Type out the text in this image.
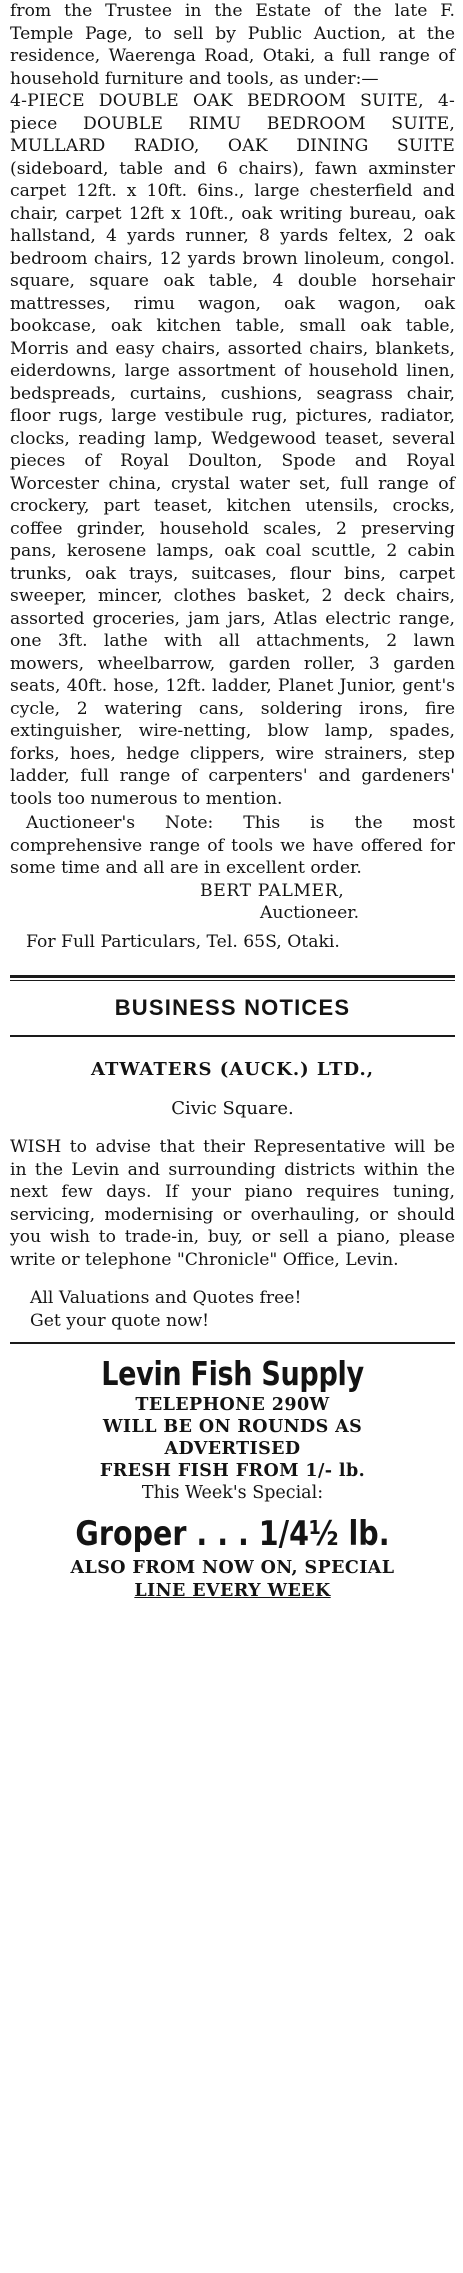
from the Trustee in the Estate of the late F. Temple Page, to sell by Public Auction, at the residence, Waerenga Road, Otaki, a full range of household furniture and tools, as under:—

4-PIECE DOUBLE OAK BEDROOM SUITE, 4-piece DOUBLE RIMU BEDROOM SUITE, MULLARD RADIO, OAK DINING SUITE (sideboard, table and 6 chairs), fawn axminster carpet 12ft. x 10ft. 6ins., large chesterfield and chair, carpet 12ft x 10ft., oak writing bureau, oak hallstand, 4 yards runner, 8 yards feltex, 2 oak bedroom chairs, 12 yards brown linoleum, congol. square, square oak table, 4 double horsehair mattresses, rimu wagon, oak wagon, oak bookcase, oak kitchen table, small oak table, Morris and easy chairs, assorted chairs, blankets, eiderdowns, large assortment of household linen, bedspreads, curtains, cushions, seagrass chair, floor rugs, large vestibule rug, pictures, radiator, clocks, reading lamp, Wedgewood teaset, several pieces of Royal Doulton, Spode and Royal Worcester china, crystal water set, full range of crockery, part teaset, kitchen utensils, crocks, coffee grinder, household scales, 2 preserving pans, kerosene lamps, oak coal scuttle, 2 cabin trunks, oak trays, suitcases, flour bins, carpet sweeper, mincer, clothes basket, 2 deck chairs, assorted groceries, jam jars, Atlas electric range, one 3ft. lathe with all attachments, 2 lawn mowers, wheelbarrow, garden roller, 3 garden seats, 40ft. hose, 12ft. ladder, Planet Junior, gent's cycle, 2 watering cans, soldering irons, fire extinguisher, wire-netting, blow lamp, spades, forks, hoes, hedge clippers, wire strainers, step ladder, full range of carpenters' and gardeners' tools too numerous to mention.

Auctioneer's Note: This is the most comprehensive range of tools we have offered for some time and all are in excellent order.

BERT PALMER,

Auctioneer.

For Full Particulars, Tel. 65S, Otaki.

BUSINESS NOTICES

ATWATERS (AUCK.) LTD.,

Civic Square.

WISH to advise that their Representative will be in the Levin and surrounding districts within the next few days. If your piano requires tuning, servicing, modernising or overhauling, or should you wish to trade-in, buy, or sell a piano, please write or telephone "Chronicle" Office, Levin.

All Valuations and Quotes free!

Get your quote now!

Levin Fish Supply

TELEPHONE 290W

WILL BE ON ROUNDS AS

ADVERTISED

FRESH FISH FROM 1/- lb.

This Week's Special:

Groper . . . 1/4½ lb.

ALSO FROM NOW ON, SPECIAL

LINE EVERY WEEK
